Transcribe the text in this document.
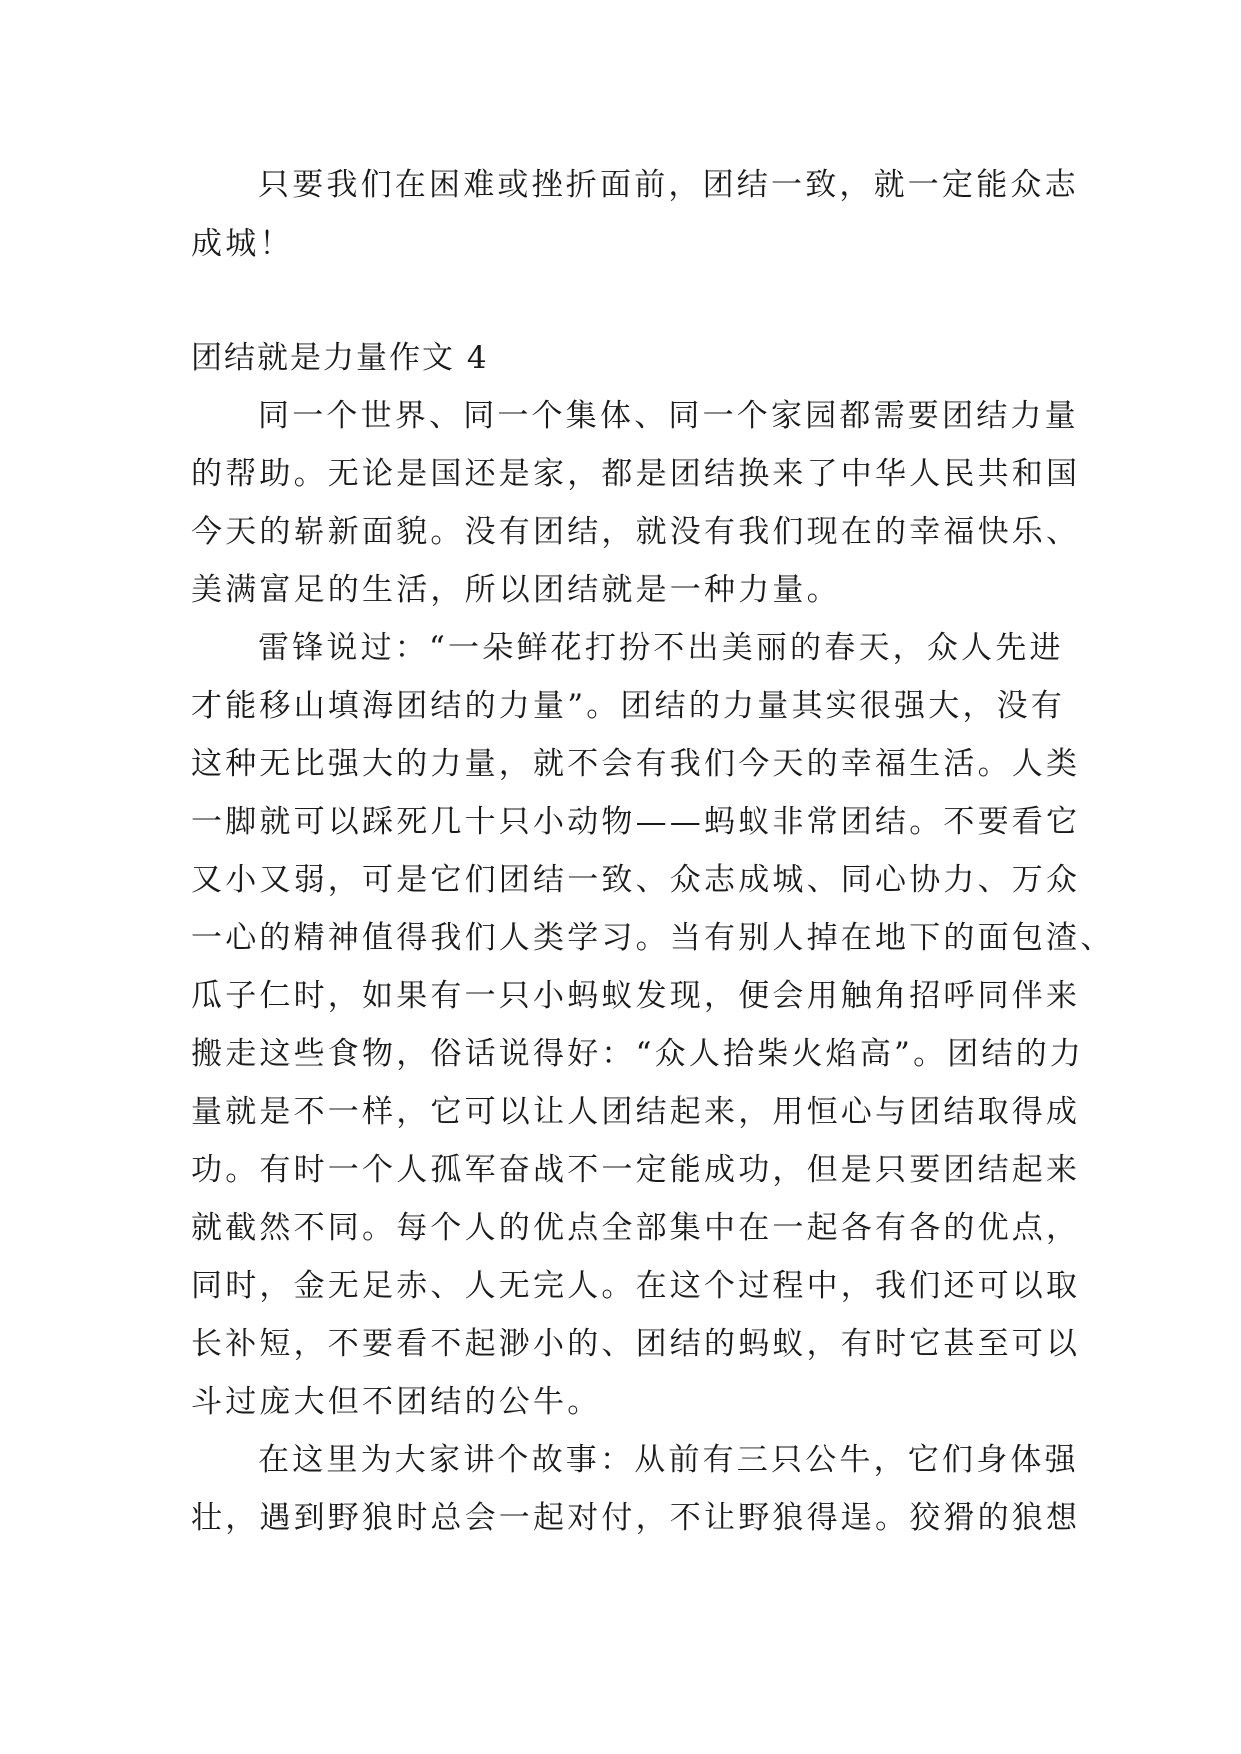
只要我们在困难或挫折面前，团结一致，就一定能众志
成城！
团结就是力量作文 4
同一个世界、同一个集体、同一个家园都需要团结力量
的帮助。无论是国还是家，都是团结换来了中华人民共和国
今天的崭新面貌。没有团结，就没有我们现在的幸福快乐、
美满富足的生活，所以团结就是一种力量。
雷锋说过：“一朵鲜花打扮不出美丽的春天，众人先进
才能移山填海团结的力量”。团结的力量其实很强大，没有
这种无比强大的力量，就不会有我们今天的幸福生活。人类
一脚就可以踩死几十只小动物——蚂蚁非常团结。不要看它
又小又弱，可是它们团结一致、众志成城、同心协力、万众
一心的精神值得我们人类学习。当有别人掉在地下的面包渣、
瓜子仁时，如果有一只小蚂蚁发现，便会用触角招呼同伴来
搬走这些食物，俗话说得好：“众人拾柴火焰高”。团结的力
量就是不一样，它可以让人团结起来，用恒心与团结取得成
功。有时一个人孤军奋战不一定能成功，但是只要团结起来
就截然不同。每个人的优点全部集中在一起各有各的优点，
同时，金无足赤、人无完人。在这个过程中，我们还可以取
长补短，不要看不起渺小的、团结的蚂蚁，有时它甚至可以
斗过庞大但不团结的公牛。
在这里为大家讲个故事：从前有三只公牛，它们身体强
壮，遇到野狼时总会一起对付，不让野狼得逞。狡猾的狼想
